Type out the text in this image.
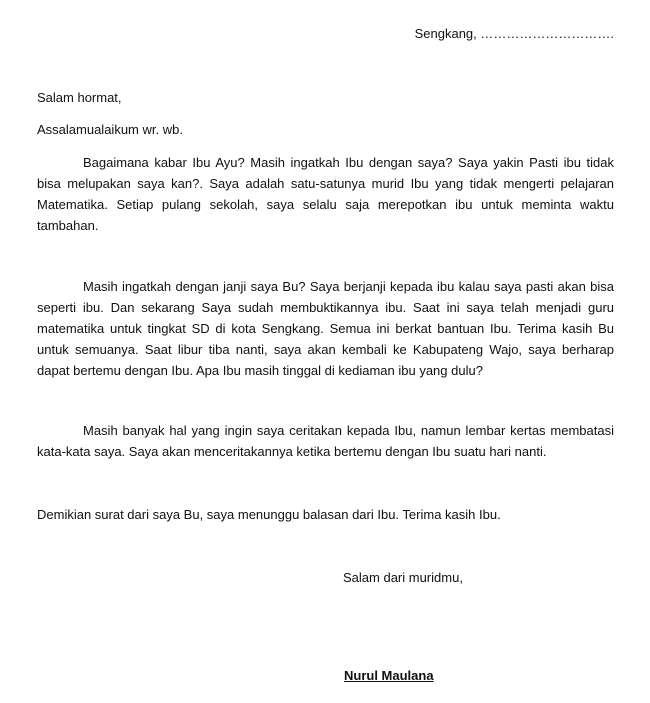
Sengkang, ………………………….
Salam hormat,
Assalamualaikum wr. wb.

Bagaimana kabar Ibu Ayu? Masih ingatkah Ibu dengan saya? Saya yakin Pasti ibu tidak bisa melupakan saya kan?. Saya adalah satu-satunya murid Ibu yang tidak mengerti pelajaran Matematika. Setiap pulang sekolah, saya selalu saja merepotkan ibu untuk meminta waktu tambahan.

Masih ingatkah dengan janji saya Bu? Saya berjanji kepada ibu kalau saya pasti akan bisa seperti ibu. Dan sekarang Saya sudah membuktikannya ibu. Saat ini saya telah menjadi guru matematika untuk tingkat SD di kota Sengkang. Semua ini berkat bantuan Ibu. Terima kasih Bu untuk semuanya. Saat libur tiba nanti, saya akan kembali ke Kabupateng Wajo, saya berharap dapat bertemu dengan Ibu. Apa Ibu masih tinggal di kediaman ibu yang dulu?

Masih banyak hal yang ingin saya ceritakan kepada Ibu, namun lembar kertas membatasi kata-kata saya. Saya akan menceritakannya ketika bertemu dengan Ibu suatu hari nanti.

Demikian surat dari saya Bu, saya menunggu balasan dari Ibu. Terima kasih Ibu.
Salam dari muridmu,
Nurul Maulana
